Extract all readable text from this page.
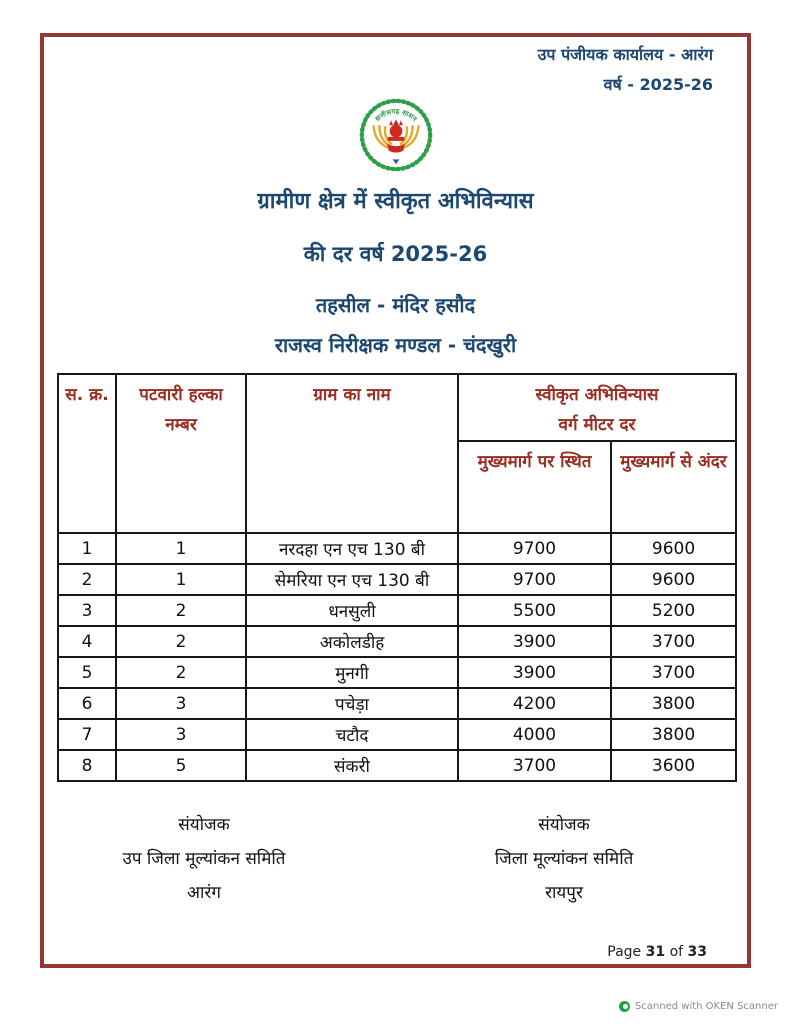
उप पंजीयक कार्यालय - आरंग
वर्ष - 2025-26
छत्तीसगढ़ शासन
ग्रामीण क्षेत्र में स्वीकृत अभिविन्यास
की दर वर्ष 2025-26
तहसील - मंदिर हसौद
राजस्व निरीक्षक मण्डल - चंदखुरी
स. क्र.	पटवारी हल्का नम्बर	ग्राम का नाम	स्वीकृत अभिविन्यास
वर्ग मीटर दर	

			मुख्यमार्ग पर स्थित	मुख्यमार्ग से अंदर
1	1	नरदहा एन एच 130 बी	9700	9600
2	1	सेमरिया एन एच 130 बी	9700	9600
3	2	धनसुली	5500	5200
4	2	अकोलडीह	3900	3700
5	2	मुनगी	3900	3700
6	3	पचेड़ा	4200	3800
7	3	चटौद	4000	3800
8	5	संकरी	3700	3600
संयोजक
उप जिला मूल्यांकन समिति
आरंग
संयोजक
जिला मूल्यांकन समिति
रायपुर
Page 31 of 33
Scanned with OKEN Scanner
